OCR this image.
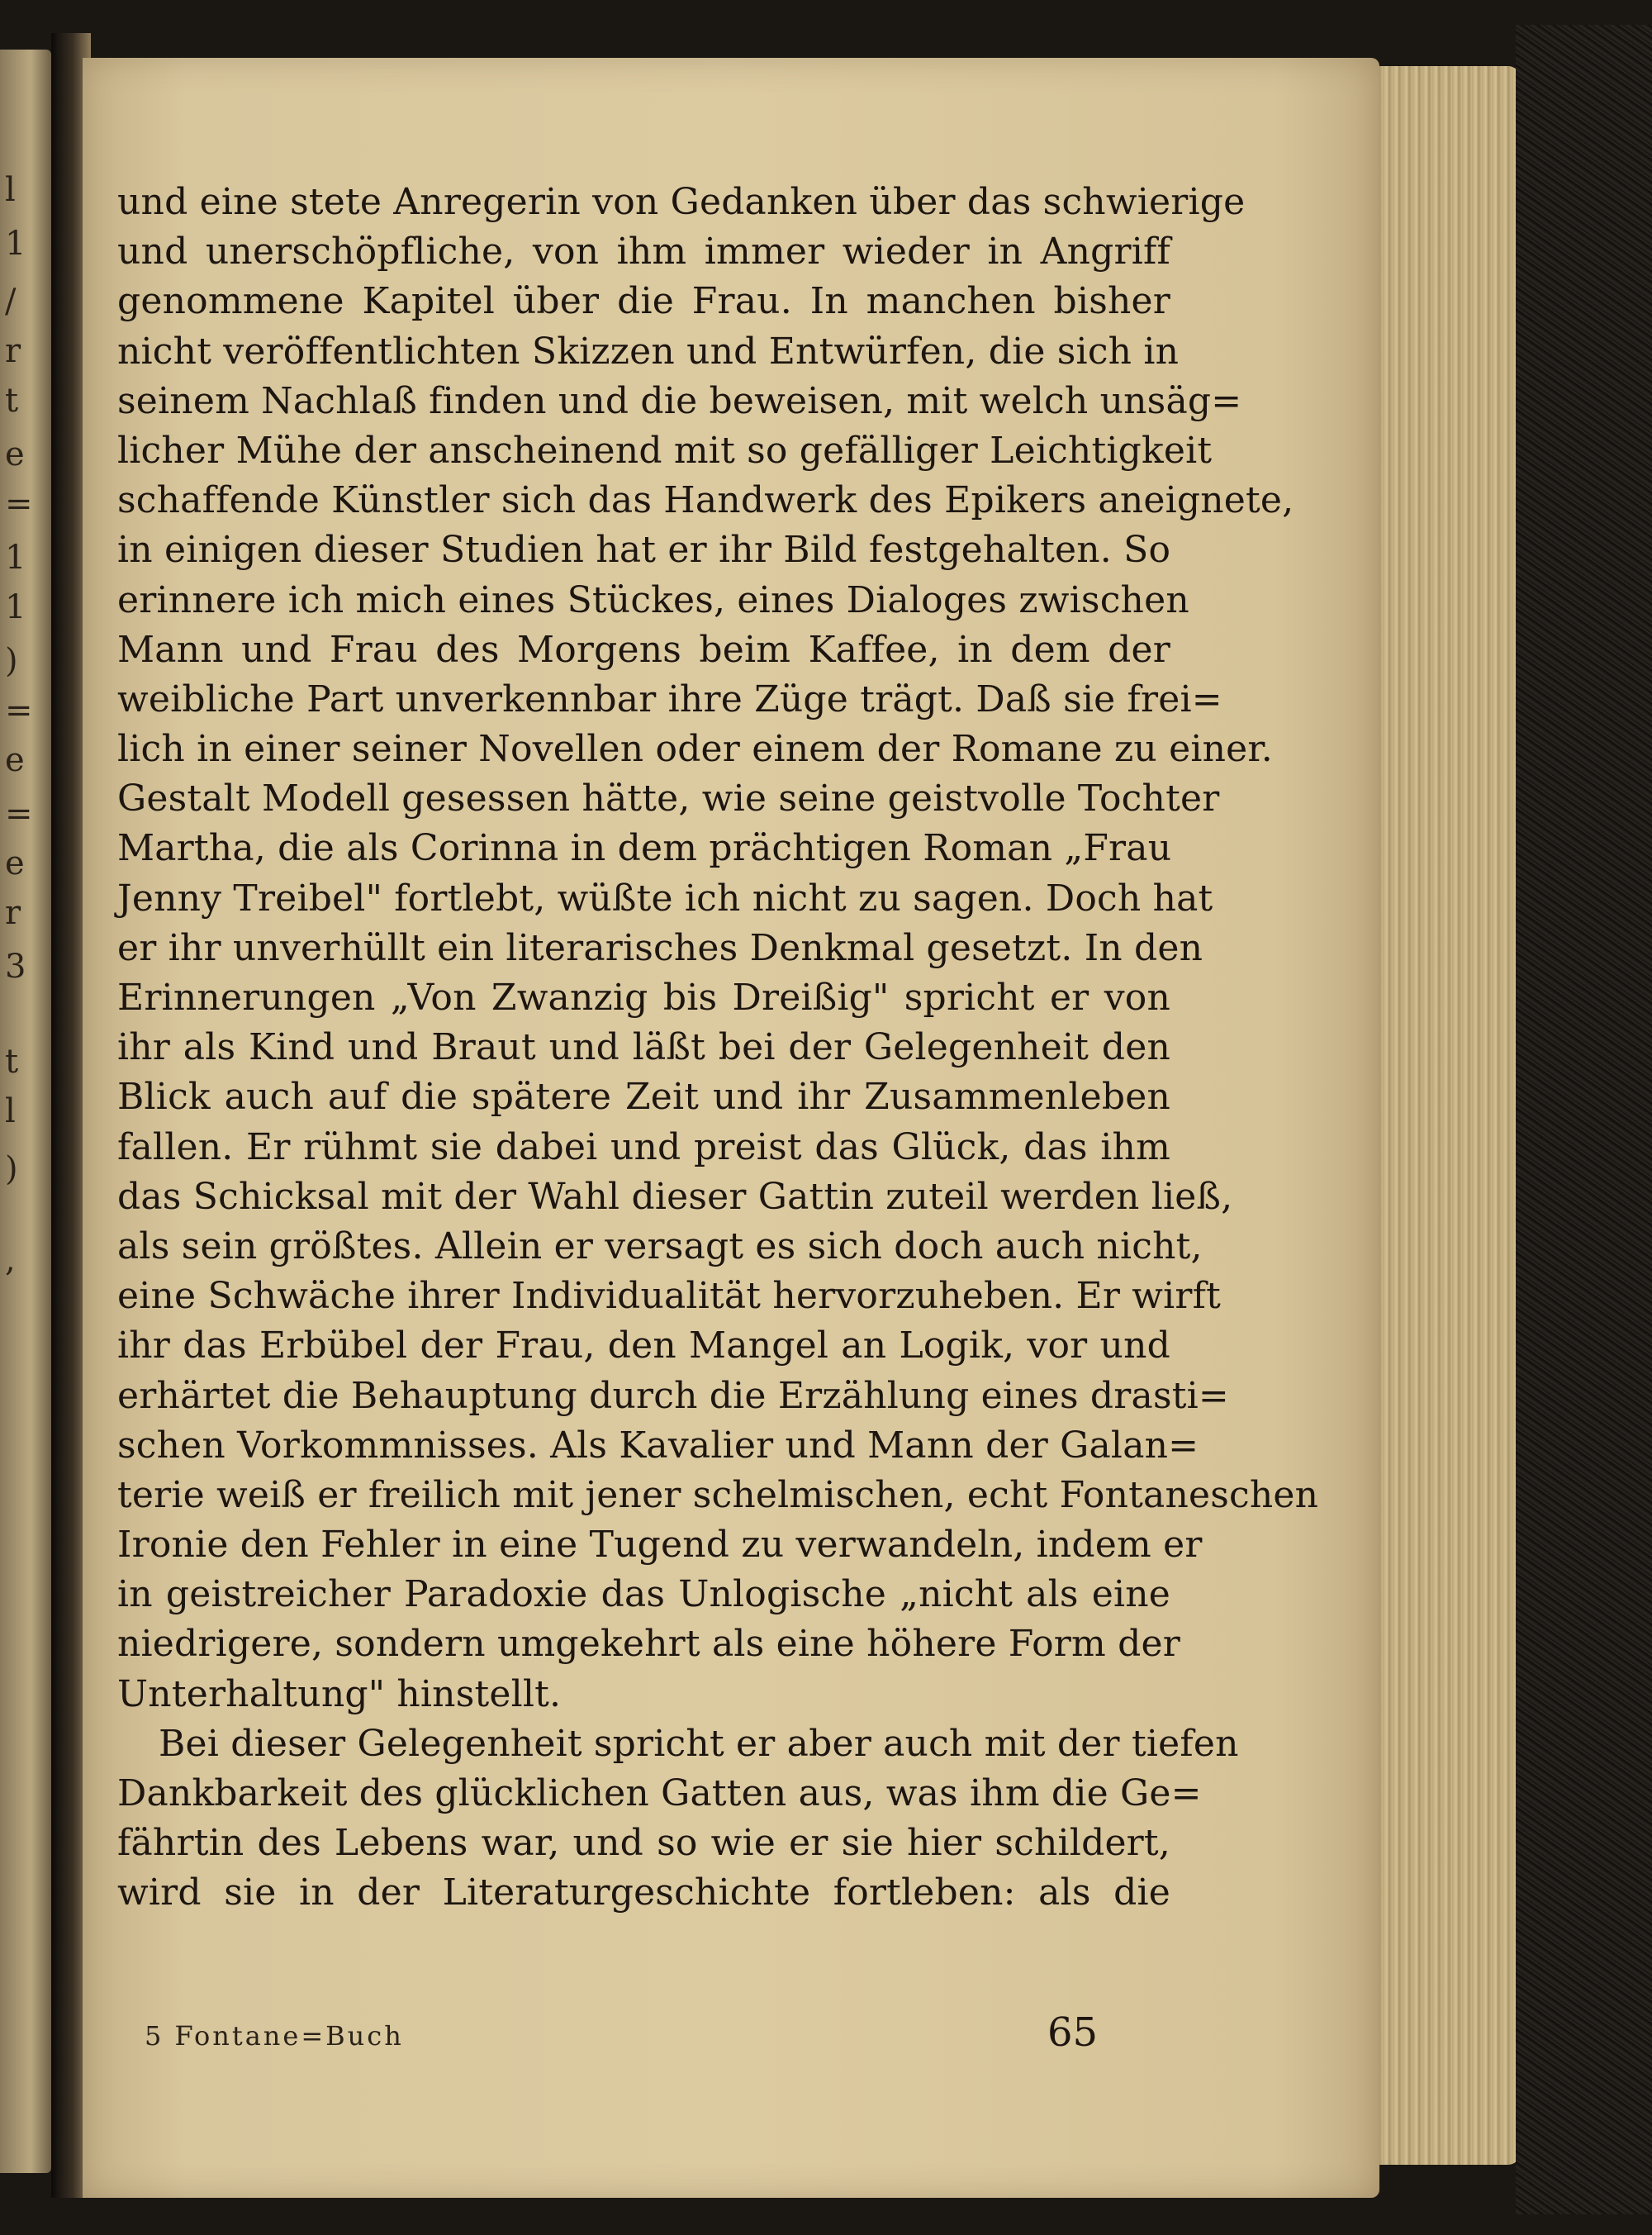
l
1
/
r
t
e
=
1
1
)
=
e
=
e
r
3
t
l
)
,
und eine stete Anregerin von Gedanken über das schwierige
und unerschöpfliche, von ihm immer wieder in Angriff
genommene Kapitel über die Frau. In manchen bisher
nicht veröffentlichten Skizzen und Entwürfen, die sich in
seinem Nachlaß finden und die beweisen, mit welch unsäg=
licher Mühe der anscheinend mit so gefälliger Leichtigkeit
schaffende Künstler sich das Handwerk des Epikers aneignete,
in einigen dieser Studien hat er ihr Bild festgehalten. So
erinnere ich mich eines Stückes, eines Dialoges zwischen
Mann und Frau des Morgens beim Kaffee, in dem der
weibliche Part unverkennbar ihre Züge trägt. Daß sie frei=
lich in einer seiner Novellen oder einem der Romane zu einer.
Gestalt Modell gesessen hätte, wie seine geistvolle Tochter
Martha, die als Corinna in dem prächtigen Roman „Frau
Jenny Treibel" fortlebt, wüßte ich nicht zu sagen. Doch hat
er ihr unverhüllt ein literarisches Denkmal gesetzt. In den
Erinnerungen „Von Zwanzig bis Dreißig" spricht er von
ihr als Kind und Braut und läßt bei der Gelegenheit den
Blick auch auf die spätere Zeit und ihr Zusammenleben
fallen. Er rühmt sie dabei und preist das Glück, das ihm
das Schicksal mit der Wahl dieser Gattin zuteil werden ließ,
als sein größtes. Allein er versagt es sich doch auch nicht,
eine Schwäche ihrer Individualität hervorzuheben. Er wirft
ihr das Erbübel der Frau, den Mangel an Logik, vor und
erhärtet die Behauptung durch die Erzählung eines drasti=
schen Vorkommnisses. Als Kavalier und Mann der Galan=
terie weiß er freilich mit jener schelmischen, echt Fontaneschen
Ironie den Fehler in eine Tugend zu verwandeln, indem er
in geistreicher Paradoxie das Unlogische „nicht als eine
niedrigere, sondern umgekehrt als eine höhere Form der
Unterhaltung" hinstellt.
Bei dieser Gelegenheit spricht er aber auch mit der tiefen
Dankbarkeit des glücklichen Gatten aus, was ihm die Ge=
fährtin des Lebens war, und so wie er sie hier schildert,
wird sie in der Literaturgeschichte fortleben: als die
5 Fontane=Buch	65
